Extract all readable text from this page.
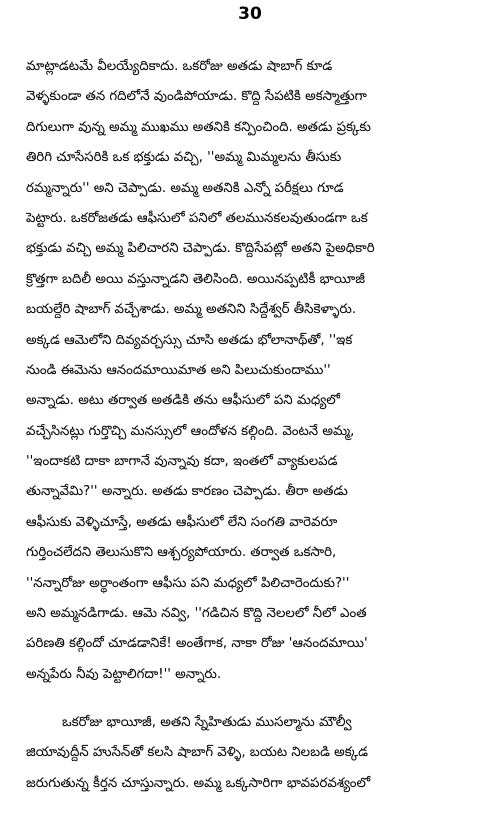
30
మాట్లాడటమే వీలయ్యేదికాదు. ఒకరోజు అతడు షాబాగ్ కూడ
వెళ్ళకుండా తన గదిలోనే వుండిపోయాడు. కొద్ది సేపటికి అకస్మాత్తుగా
దిగులుగా వున్న అమ్మ ముఖము అతనికి కన్పించింది. అతడు ప్రక్కకు
తిరిగి చూసేసరికి ఒక భక్తుడు వచ్చి, ''అమ్మ మిమ్మలను తీసుకు
రమ్మన్నారు'' అని చెప్పాడు. అమ్మ అతనికి ఎన్నో పరీక్షలు గూడ
పెట్టారు. ఒకరోజతడు ఆఫీసులో పనిలో తలమునకలవుతుండగా ఒక
భక్తుడు వచ్చి అమ్మ పిలిచారని చెప్పాడు. కొద్దిసేపట్లో అతని పైఅధికారి
క్రొత్తగా బదిలీ అయి వస్తున్నాడని తెలిసింది. అయినప్పటికీ భాయీజీ
బయల్దేరి షాబాగ్ వచ్చేశాడు. అమ్మ అతనిని సిద్దేశ్వర్ తీసికెళ్ళారు.
అక్కడ ఆమెలోని దివ్యవర్చస్సు చూసి అతడు భోలానాథ్‌తో, ''ఇక
నుండి ఈమెను ఆనందమాయిమాత అని పిలుచుకుందాము''
అన్నాడు. అటు తర్వాత అతడికి తను ఆఫీసులో పని మధ్యలో
వచ్చేసినట్లు గుర్తొచ్చి మనస్సులో ఆందోళన కల్గింది. వెంటనే అమ్మ,
''ఇందాకటి దాకా బాగానే వున్నావు కదా, ఇంతలో వ్యాకులపడ
తున్నావేమి?'' అన్నారు. అతడు కారణం చెప్పాడు. తీరా అతడు
ఆఫీసుకు వెళ్ళిచూస్తే, అతడు ఆఫీసులో లేని సంగతి వారెవరూ
గుర్తించలేదని తెలుసుకొని ఆశ్చర్యపోయారు. తర్వాత ఒకసారి,
''నన్నారోజు అర్థాంతంగా ఆఫీసు పని మధ్యలో పిలిచారెందుకు?''
అని అమ్మనడిగాడు. ఆమె నవ్వి, ''గడిచిన కొద్ది నెలలలో నీలో ఎంత
పరిణతి కల్గిందో చూడడానికే! అంతేగాక, నాకా రోజు 'ఆనందమాయి'
అన్నపేరు నీవు పెట్టాలిగదా!'' అన్నారు.
ఒకరోజు భాయీజీ, అతని స్నేహితుడు ముసల్మాను మౌల్వీ
జియావుద్దీన్ హుసేన్‌తో కలసి షాబాగ్ వెళ్ళి, బయట నిలబడి అక్కడ
జరుగుతున్న కీర్తన చూస్తున్నారు. అమ్మ ఒక్కసారిగా భావపరవశ్యంలో
